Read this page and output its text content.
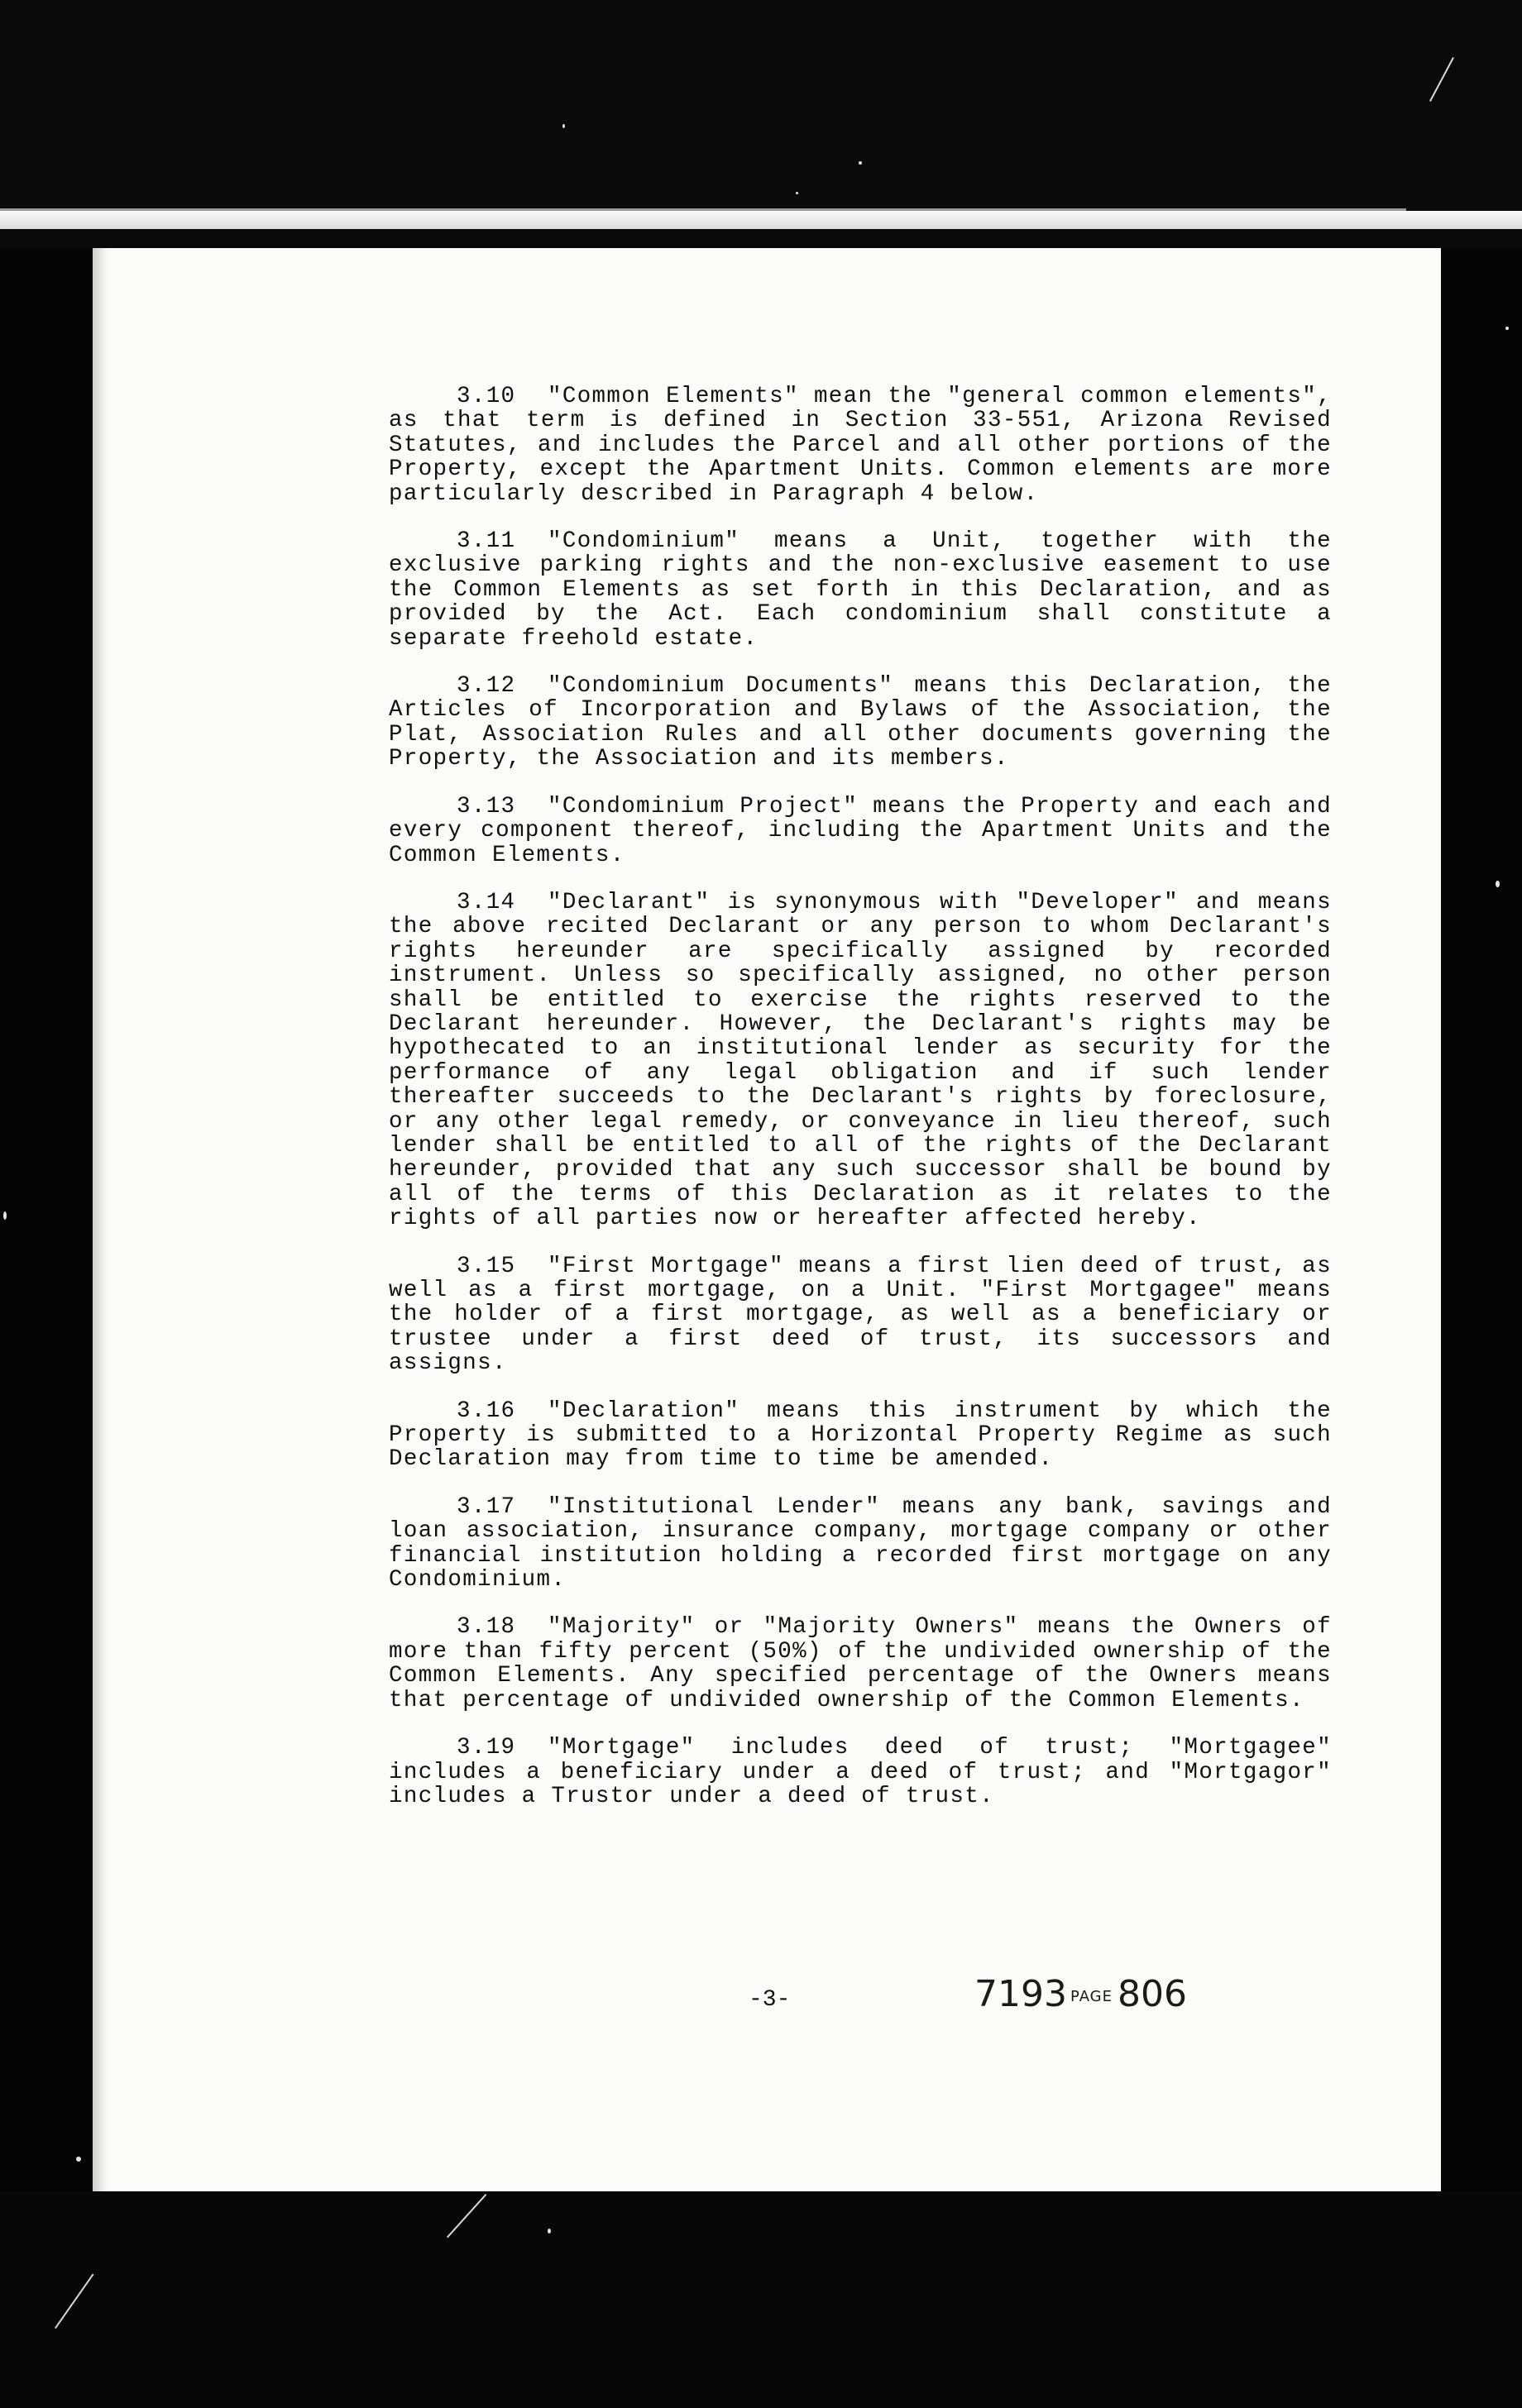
3.10 "Common Elements" mean the "general common elements", as that term is defined in Section 33-551, Arizona Revised Statutes, and includes the Parcel and all other portions of the Property, except the Apartment Units. Common elements are more particularly described in Paragraph 4 below.

3.11 "Condominium" means a Unit, together with the exclusive parking rights and the non-exclusive easement to use the Common Elements as set forth in this Declaration, and as provided by the Act. Each condominium shall constitute a separate freehold estate.

3.12 "Condominium Documents" means this Declaration, the Articles of Incorporation and Bylaws of the Association, the Plat, Association Rules and all other documents governing the Property, the Association and its members.

3.13 "Condominium Project" means the Property and each and every component thereof, including the Apartment Units and the Common Elements.

3.14 "Declarant" is synonymous with "Developer" and means the above recited Declarant or any person to whom Declarant's rights hereunder are specifically assigned by recorded instrument. Unless so specifically assigned, no other person shall be entitled to exercise the rights reserved to the Declarant hereunder. However, the Declarant's rights may be hypothecated to an institutional lender as security for the performance of any legal obligation and if such lender thereafter succeeds to the Declarant's rights by foreclosure, or any other legal remedy, or conveyance in lieu thereof, such lender shall be entitled to all of the rights of the Declarant hereunder, provided that any such successor shall be bound by all of the terms of this Declaration as it relates to the rights of all parties now or hereafter affected hereby.

3.15 "First Mortgage" means a first lien deed of trust, as well as a first mortgage, on a Unit. "First Mortgagee" means the holder of a first mortgage, as well as a beneficiary or trustee under a first deed of trust, its successors and assigns.

3.16 "Declaration" means this instrument by which the Property is submitted to a Horizontal Property Regime as such Declaration may from time to time be amended.

3.17 "Institutional Lender" means any bank, savings and loan association, insurance company, mortgage company or other financial institution holding a recorded first mortgage on any Condominium.

3.18 "Majority" or "Majority Owners" means the Owners of more than fifty percent (50%) of the undivided ownership of the Common Elements. Any specified percentage of the Owners means that percentage of undivided ownership of the Common Elements.

3.19 "Mortgage" includes deed of trust; "Mortgagee" includes a beneficiary under a deed of trust; and "Mortgagor" includes a Trustor under a deed of trust.

-3-	7193 PAGE 806
